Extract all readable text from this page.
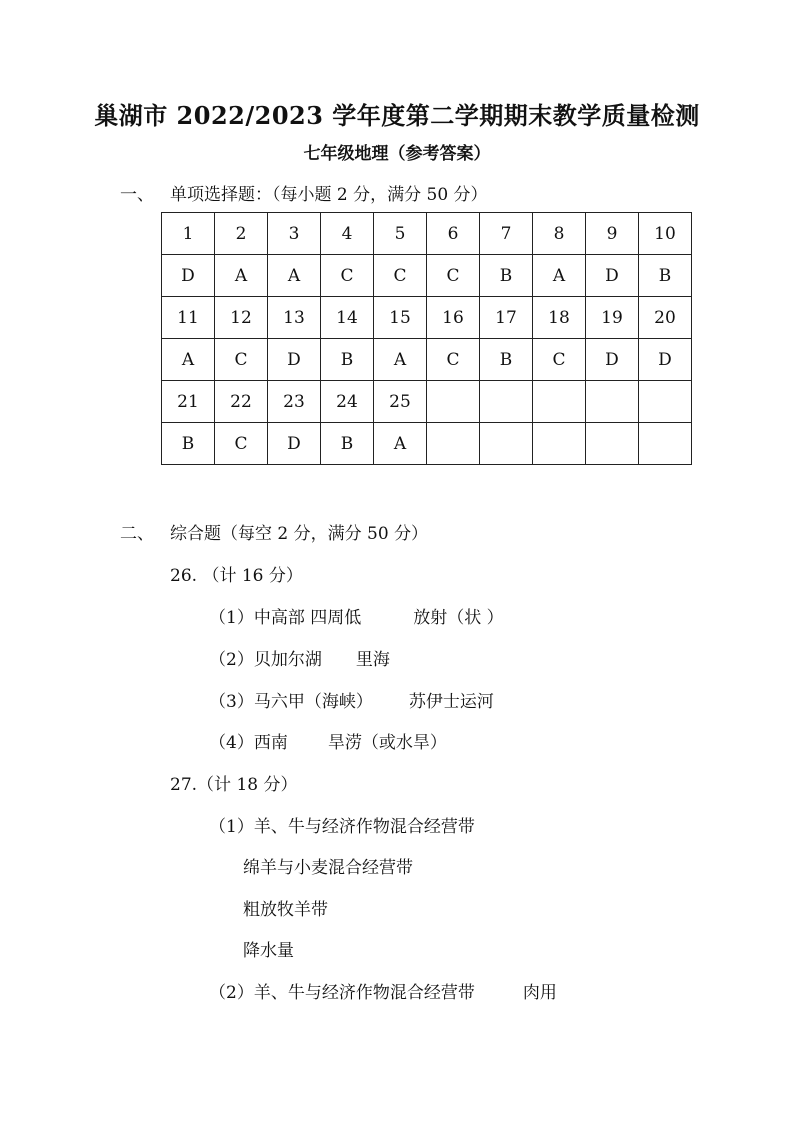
巢湖市 2022/2023 学年度第二学期期末教学质量检测
七年级地理（参考答案）
一、 单项选择题：（每小题 2 分，满分 50 分）
1	2	3	4	5	6	7	8	9	10
D	A	A	C	C	C	B	A	D	B
11	12	13	14	15	16	17	18	19	20
A	C	D	B	A	C	B	C	D	D
21	22	23	24	25					
B	C	D	B	A					
二、 综合题（每空 2 分，满分 50 分）
26. （计 16 分）
（1）中高部 四周低	放射（状 ）
（2）贝加尔湖 里海
（3）马六甲（海峡） 苏伊士运河
（4）西南 旱涝（或水旱）
27.（计 18 分）
（1）羊、牛与经济作物混合经营带
绵羊与小麦混合经营带
粗放牧羊带
降水量
（2）羊、牛与经济作物混合经营带	肉用
